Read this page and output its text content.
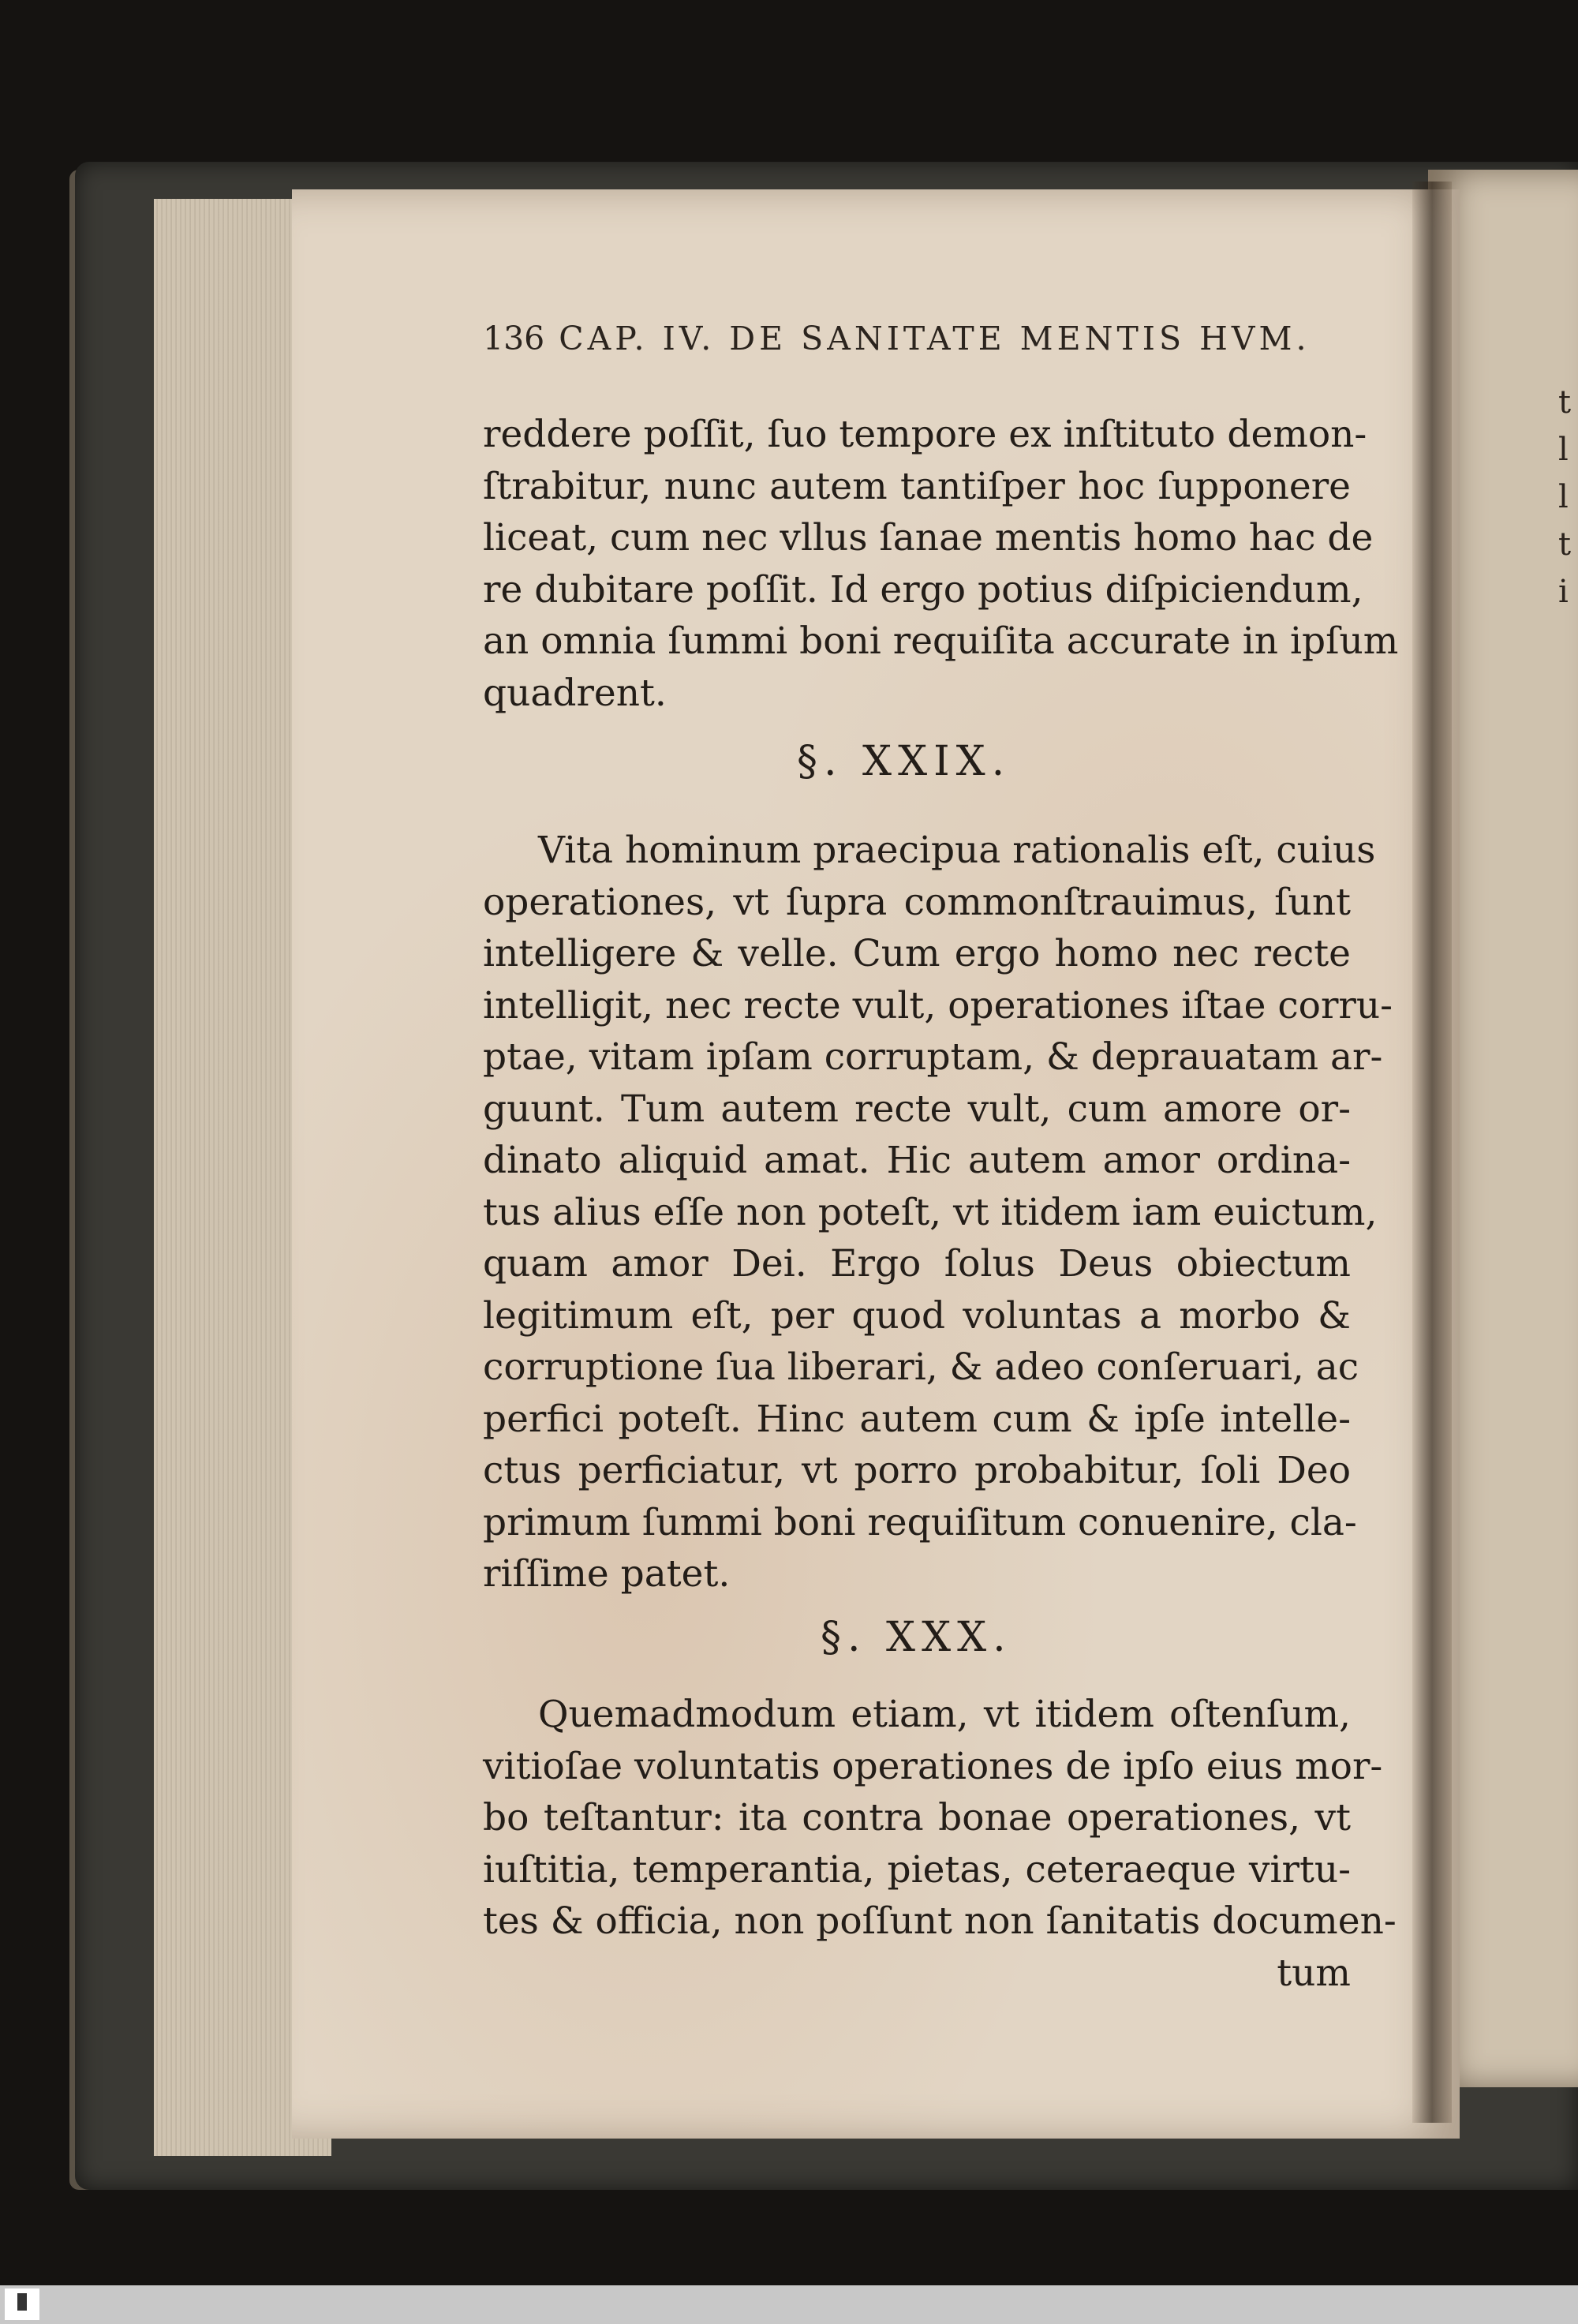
t
l
l
t
i
136 CAP. IV. DE SANITATE MENTIS HVM.
reddere poſſit, ſuo tempore ex inſtituto demon-
ſtrabitur, nunc autem tantiſper hoc ſupponere
liceat, cum nec vllus ſanae mentis homo hac de
re dubitare poſſit. Id ergo potius diſpiciendum,
an omnia ſummi boni requiſita accurate in ipſum
quadrent.
§. XXIX.
Vita hominum praecipua rationalis eſt, cuius
operationes, vt ſupra commonſtrauimus, ſunt
intelligere & velle. Cum ergo homo nec recte
intelligit, nec recte vult, operationes iſtae corru-
ptae, vitam ipſam corruptam, & deprauatam ar-
guunt. Tum autem recte vult, cum amore or-
dinato aliquid amat. Hic autem amor ordina-
tus alius eſſe non poteſt, vt itidem iam euictum,
quam amor Dei. Ergo ſolus Deus obiectum
legitimum eſt, per quod voluntas a morbo &
corruptione ſua liberari, & adeo conſeruari, ac
perfici poteſt. Hinc autem cum & ipſe intelle-
ctus perficiatur, vt porro probabitur, ſoli Deo
primum ſummi boni requiſitum conuenire, cla-
riſſime patet.
§. XXX.
Quemadmodum etiam, vt itidem oſtenſum,
vitioſae voluntatis operationes de ipſo eius mor-
bo teſtantur: ita contra bonae operationes, vt
iuſtitia, temperantia, pietas, ceteraeque virtu-
tes & officia, non poſſunt non ſanitatis documen-
tum
